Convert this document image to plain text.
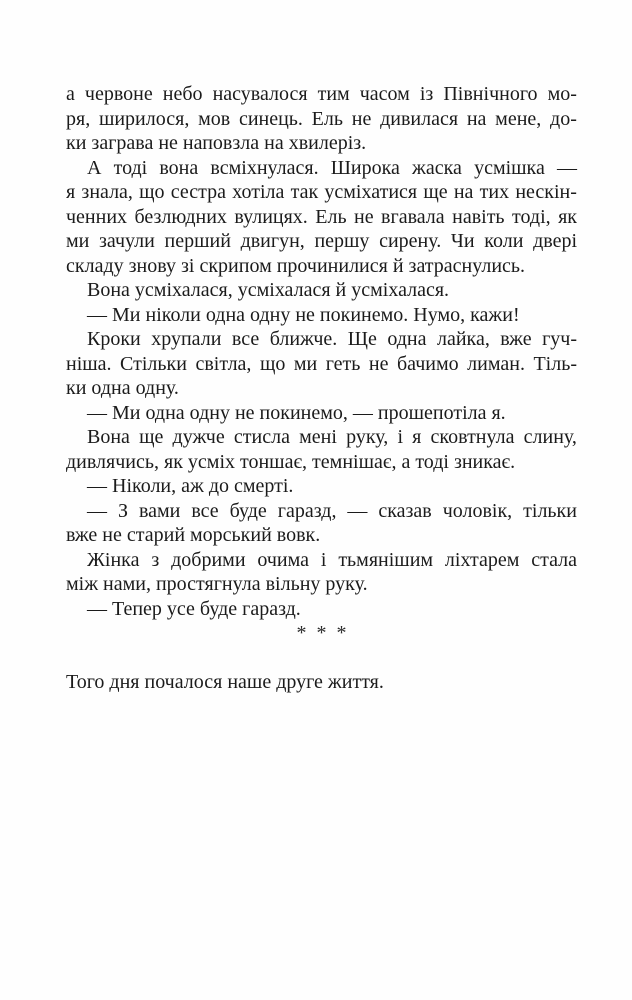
а червоне небо насувалося тим часом із Північного мо-
ря, ширилося, мов синець. Ель не дивилася на мене, до-
ки заграва не наповзла на хвилеріз.
А тоді вона всміхнулася. Широка жаска усмішка —
я знала, що сестра хотіла так усміхатися ще на тих нескін-
ченних безлюдних вулицях. Ель не вгавала навіть тоді, як
ми зачули перший двигун, першу сирену. Чи коли двері
складу знову зі скрипом прочинилися й затраснулись.
Вона усміхалася, усміхалася й усміхалася.
— Ми ніколи одна одну не покинемо. Нумо, кажи!
Кроки хрупали все ближче. Ще одна лайка, вже гуч-
ніша. Стільки світла, що ми геть не бачимо лиман. Тіль-
ки одна одну.
— Ми одна одну не покинемо, — прошепотіла я.
Вона ще дужче стисла мені руку, і я сковтнула слину,
дивлячись, як усміх тоншає, темнішає, а тоді зникає.
— Ніколи, аж до смерті.
— З вами все буде гаразд, — сказав чоловік, тільки
вже не старий морський вовк.
Жінка з добрими очима і тьмянішим ліхтарем стала
між нами, простягнула вільну руку.
— Тепер усе буде гаразд.
* * *
Того дня почалося наше друге життя.
